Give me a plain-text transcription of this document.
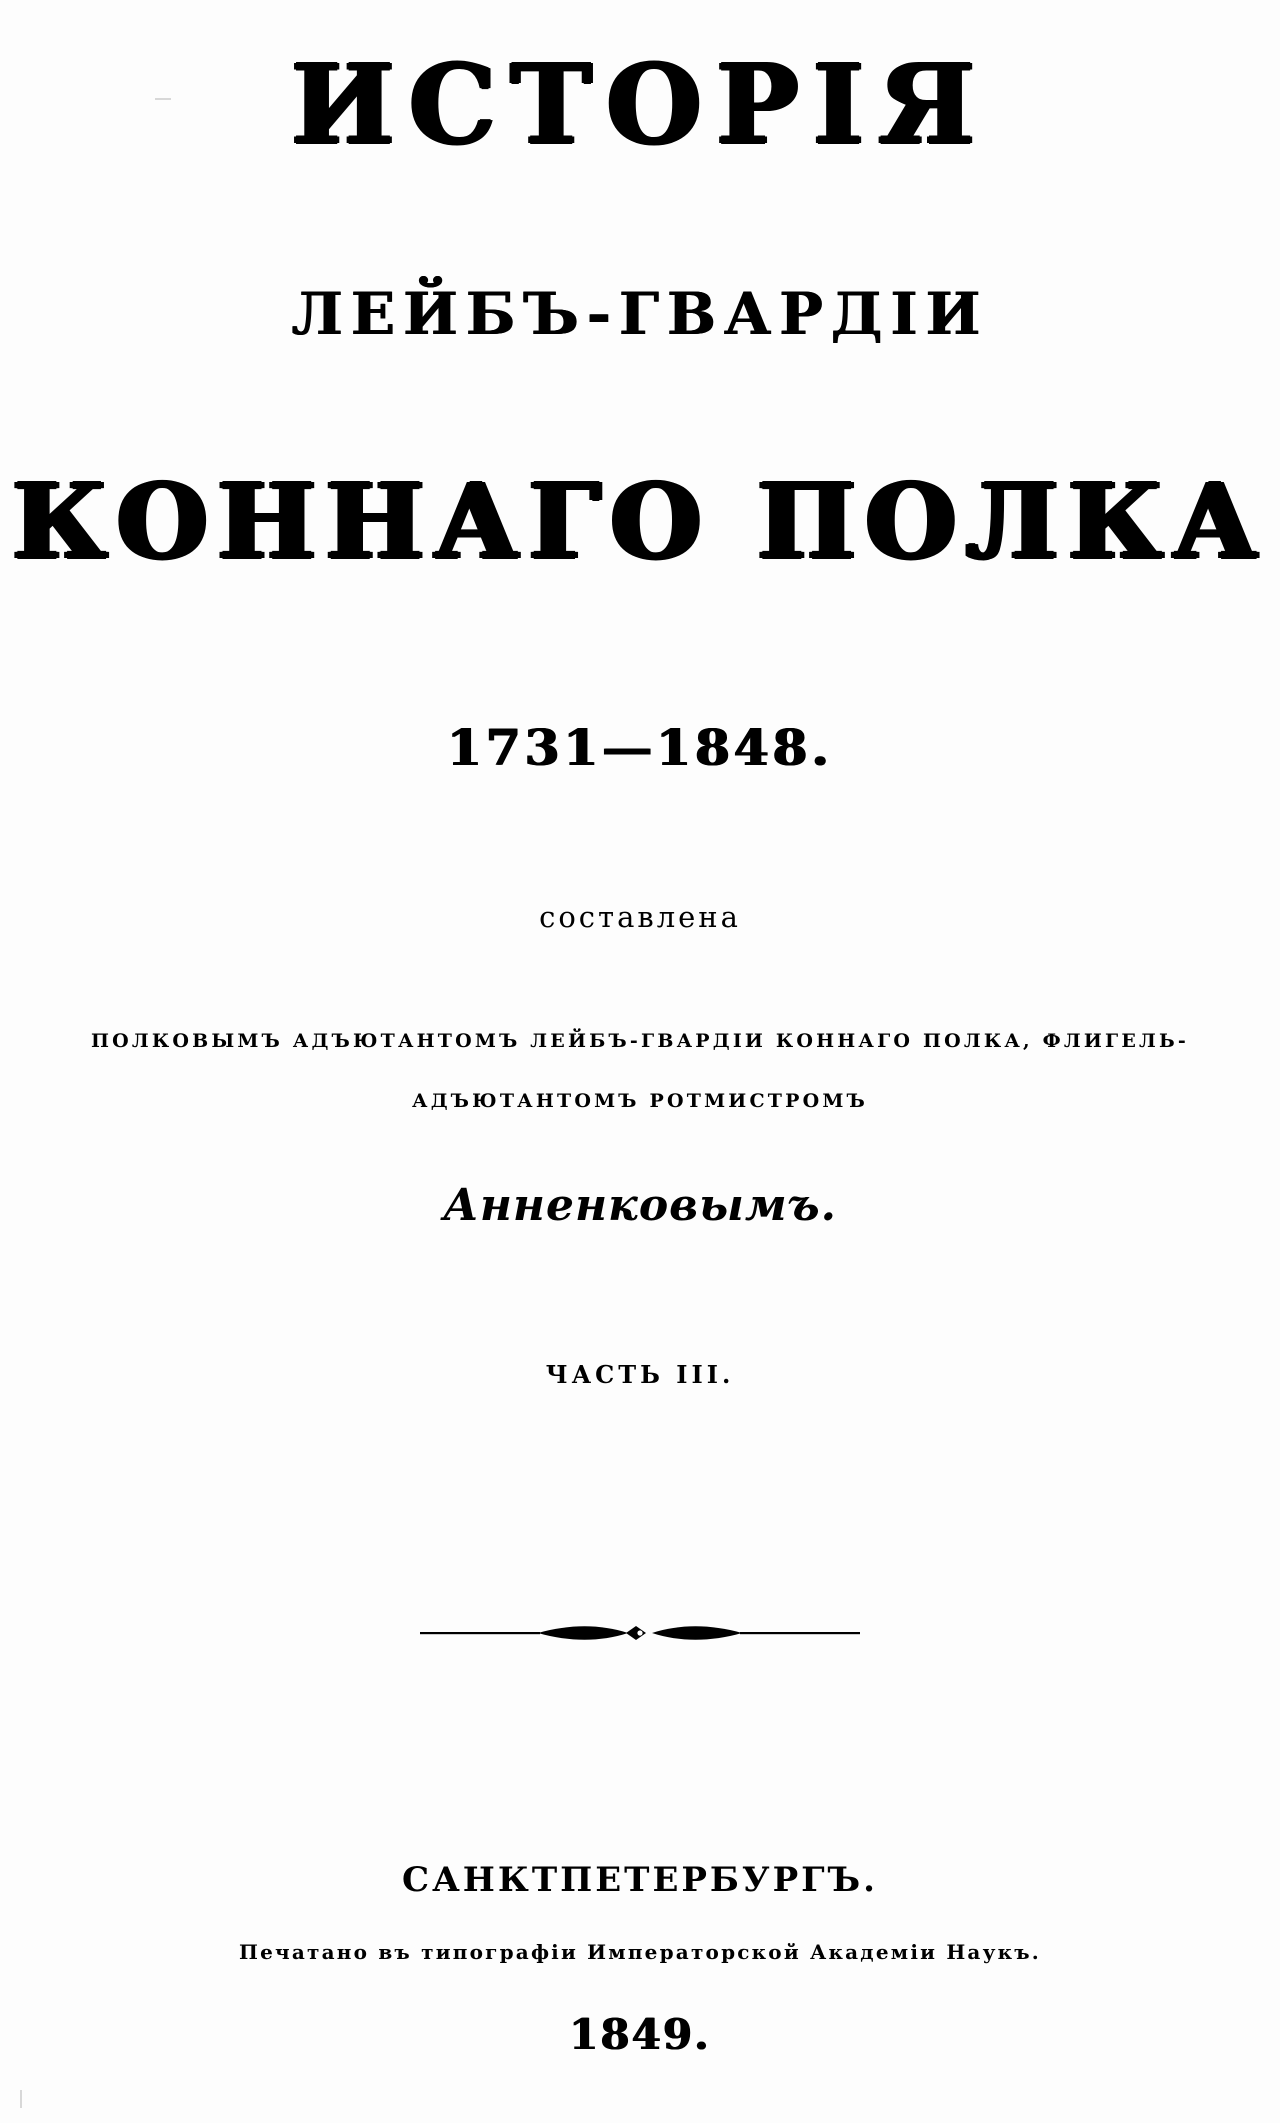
ИСТОРІЯ
ЛЕЙБЪ-ГВАРДIИ
КОННАГО ПОЛКА
1731—1848.
составлена
ПОЛКОВЫМЪ АДЪЮТАНТОМЪ ЛЕЙБЪ-ГВАРДIИ КОННАГО ПОЛКА, ФЛИГЕЛЬ-
АДЪЮТАНТОМЪ РОТМИСТРОМЪ
Анненковымъ.
ЧАСТЬ III.
САНКТПЕТЕРБУРГЪ.
Печатано въ типографiи Императорской Академiи Наукъ.
1849.
